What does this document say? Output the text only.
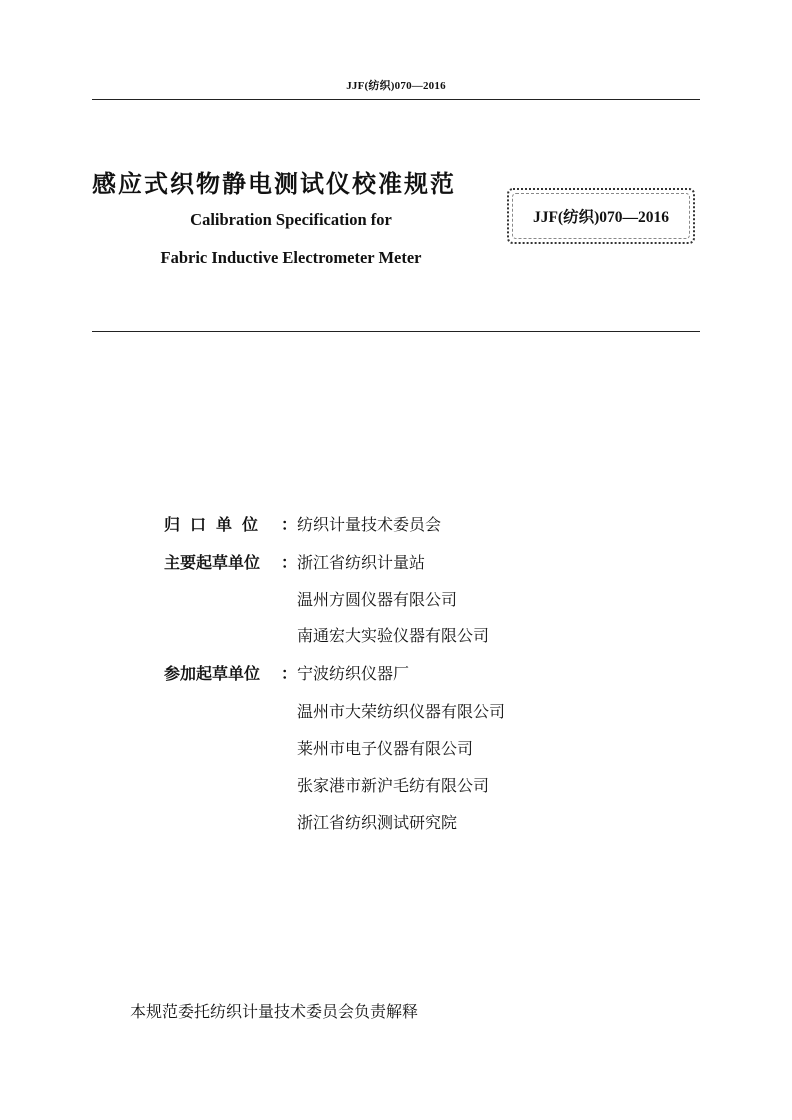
JJF(纺织)070—2016
感应式织物静电测试仪校准规范
Calibration Specification for
Fabric Inductive Electrometer Meter
JJF(纺织)070—2016
归口单位 ： 纺织计量技术委员会
主要起草单位	： 浙江省纺织计量站
温州方圆仪器有限公司
南通宏大实验仪器有限公司
参加起草单位	： 宁波纺织仪器厂
温州市大荣纺织仪器有限公司
莱州市电子仪器有限公司
张家港市新沪毛纺有限公司
浙江省纺织测试研究院
本规范委托纺织计量技术委员会负责解释
